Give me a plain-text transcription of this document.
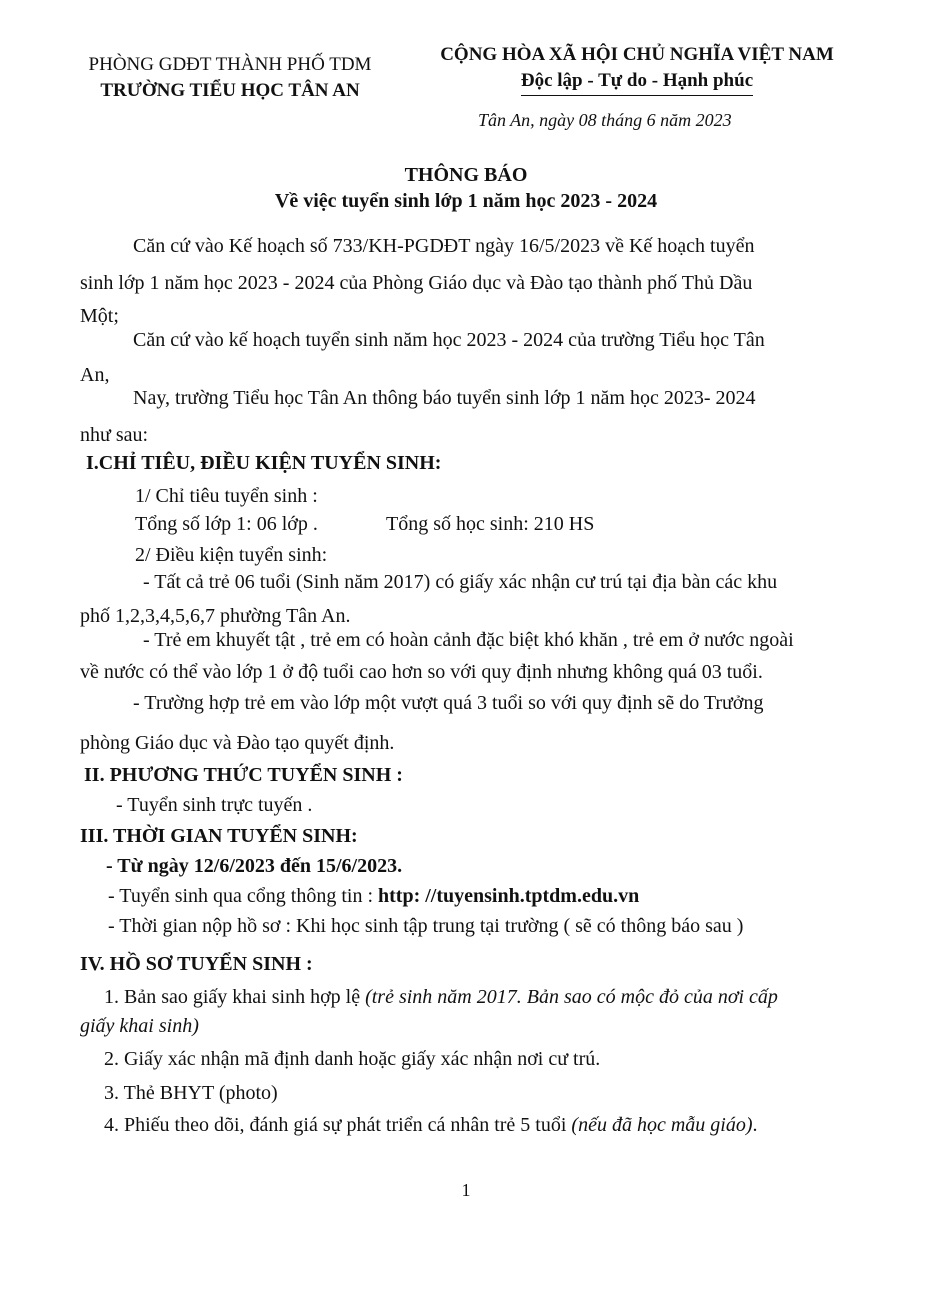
PHÒNG GDĐT THÀNH PHỐ TDM
TRƯỜNG TIỂU HỌC TÂN AN
CỘNG HÒA XÃ HỘI CHỦ NGHĨA VIỆT NAM
Độc lập - Tự do - Hạnh phúc
Tân An, ngày 08 tháng 6 năm 2023
THÔNG BÁO
Về việc tuyển sinh lớp 1 năm học 2023 - 2024
Căn cứ vào Kế hoạch số 733/KH-PGDĐT ngày 16/5/2023 về Kế hoạch tuyển
sinh lớp 1 năm học 2023 - 2024 của Phòng Giáo dục và Đào tạo thành phố Thủ Dầu
Một;
Căn cứ vào kế hoạch tuyển sinh năm học 2023 - 2024 của trường Tiểu học Tân
An,
Nay, trường Tiểu học Tân An thông báo tuyển sinh lớp 1 năm học 2023- 2024
như sau:
I.CHỈ TIÊU, ĐIỀU KIỆN TUYỂN SINH:
1/ Chỉ tiêu tuyển sinh :
Tổng số lớp 1: 06 lớp .	Tổng số học sinh: 210 HS
2/ Điều kiện tuyển sinh:
- Tất cả trẻ 06 tuổi (Sinh năm 2017) có giấy xác nhận cư trú tại địa bàn các khu
phố 1,2,3,4,5,6,7 phường Tân An.
- Trẻ em khuyết tật , trẻ em có hoàn cảnh đặc biệt khó khăn , trẻ em ở nước ngoài
về nước có thể vào lớp 1 ở độ tuổi cao hơn so với quy định nhưng không quá 03 tuổi.
- Trường hợp trẻ em vào lớp một vượt quá 3 tuổi so với quy định sẽ do Trưởng
phòng Giáo dục và Đào tạo quyết định.
II. PHƯƠNG THỨC TUYỂN SINH :
- Tuyển sinh trực tuyến .
III. THỜI GIAN TUYỂN SINH:
- Từ ngày 12/6/2023 đến 15/6/2023.
- Tuyển sinh qua cổng thông tin : http: //tuyensinh.tptdm.edu.vn
- Thời gian nộp hồ sơ : Khi học sinh tập trung tại trường ( sẽ có thông báo sau )
IV. HỒ SƠ TUYỂN SINH :
1. Bản sao giấy khai sinh hợp lệ (trẻ sinh năm 2017. Bản sao có mộc đỏ của nơi cấp
giấy khai sinh)
2. Giấy xác nhận mã định danh hoặc giấy xác nhận nơi cư trú.
3. Thẻ BHYT (photo)
4. Phiếu theo dõi, đánh giá sự phát triển cá nhân trẻ 5 tuổi (nếu đã học mẫu giáo).
1
